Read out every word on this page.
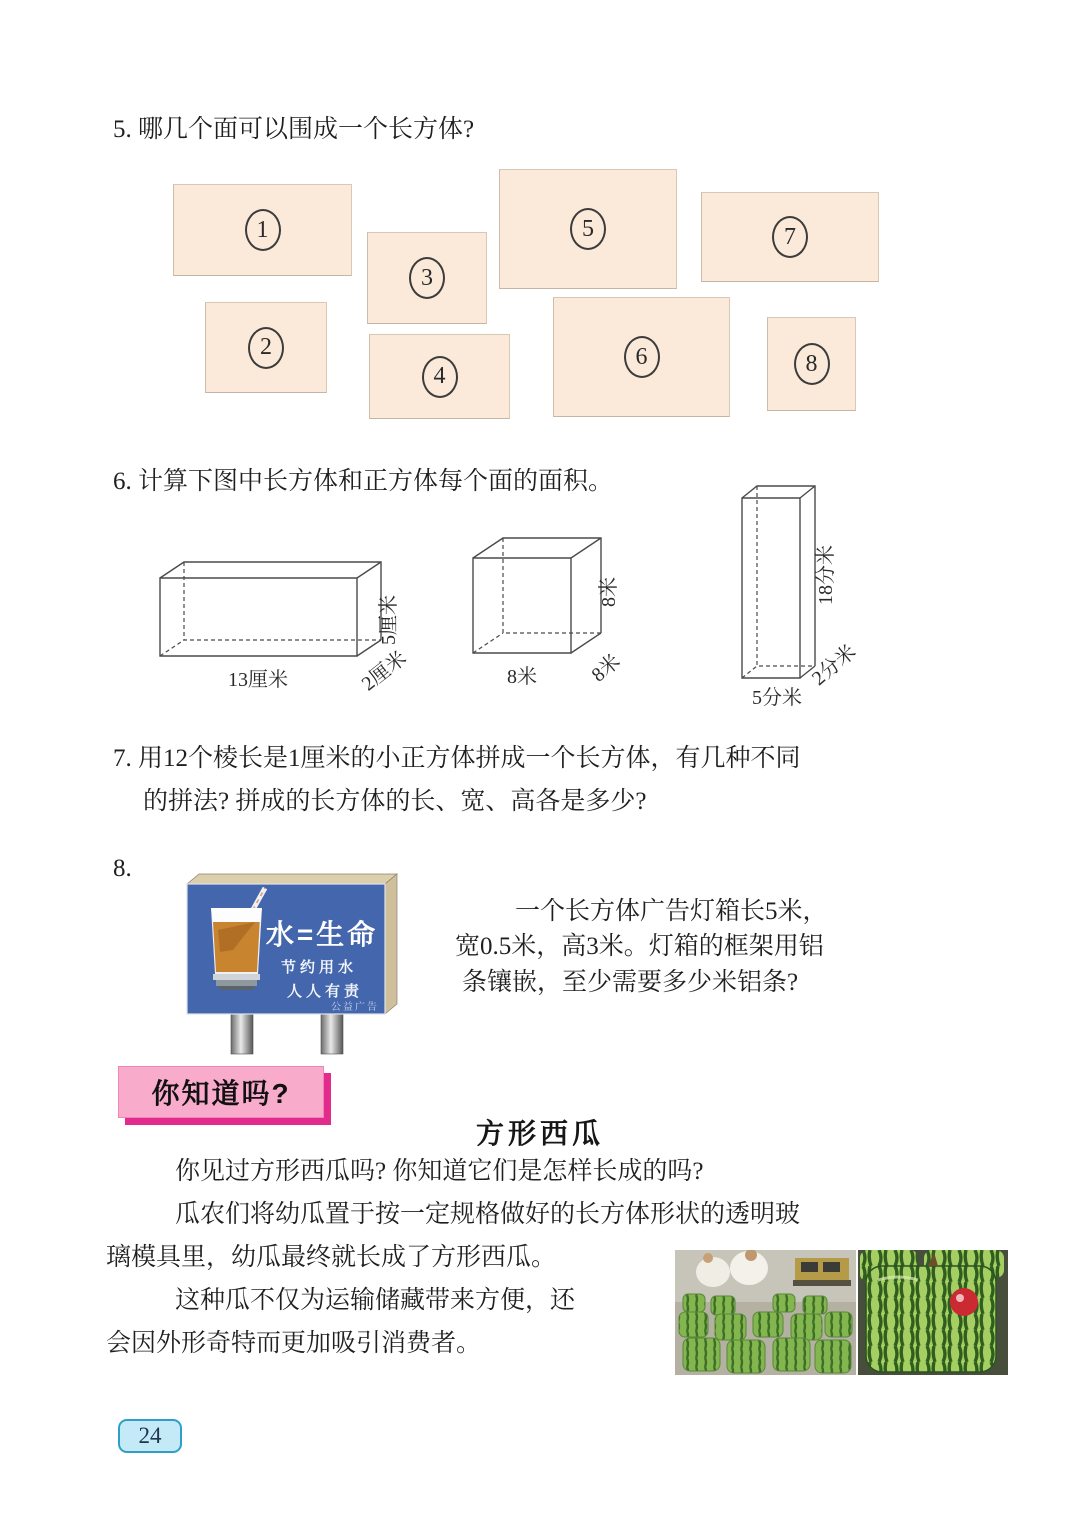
5. 哪几个面可以围成一个长方体?
1
2
3
4
5
6
7
8
6. 计算下图中长方体和正方体每个面的面积。
13厘米
5厘米
2厘米	8米
8米
8米
5分米
18分米
2分米
7. 用12个棱长是1厘米的小正方体拼成一个长方体，有几种不同
的拼法? 拼成的长方体的长、宽、高各是多少?
8.
水=生命
节约用水
人人有责
公益广告
一个长方体广告灯箱长5米，
宽0.5米，高3米。灯箱的框架用铝
条镶嵌，至少需要多少米铝条?
你知道吗?
方形西瓜
你见过方形西瓜吗? 你知道它们是怎样长成的吗?
瓜农们将幼瓜置于按一定规格做好的长方体形状的透明玻
璃模具里，幼瓜最终就长成了方形西瓜。
这种瓜不仅为运输储藏带来方便，还
会因外形奇特而更加吸引消费者。
24
